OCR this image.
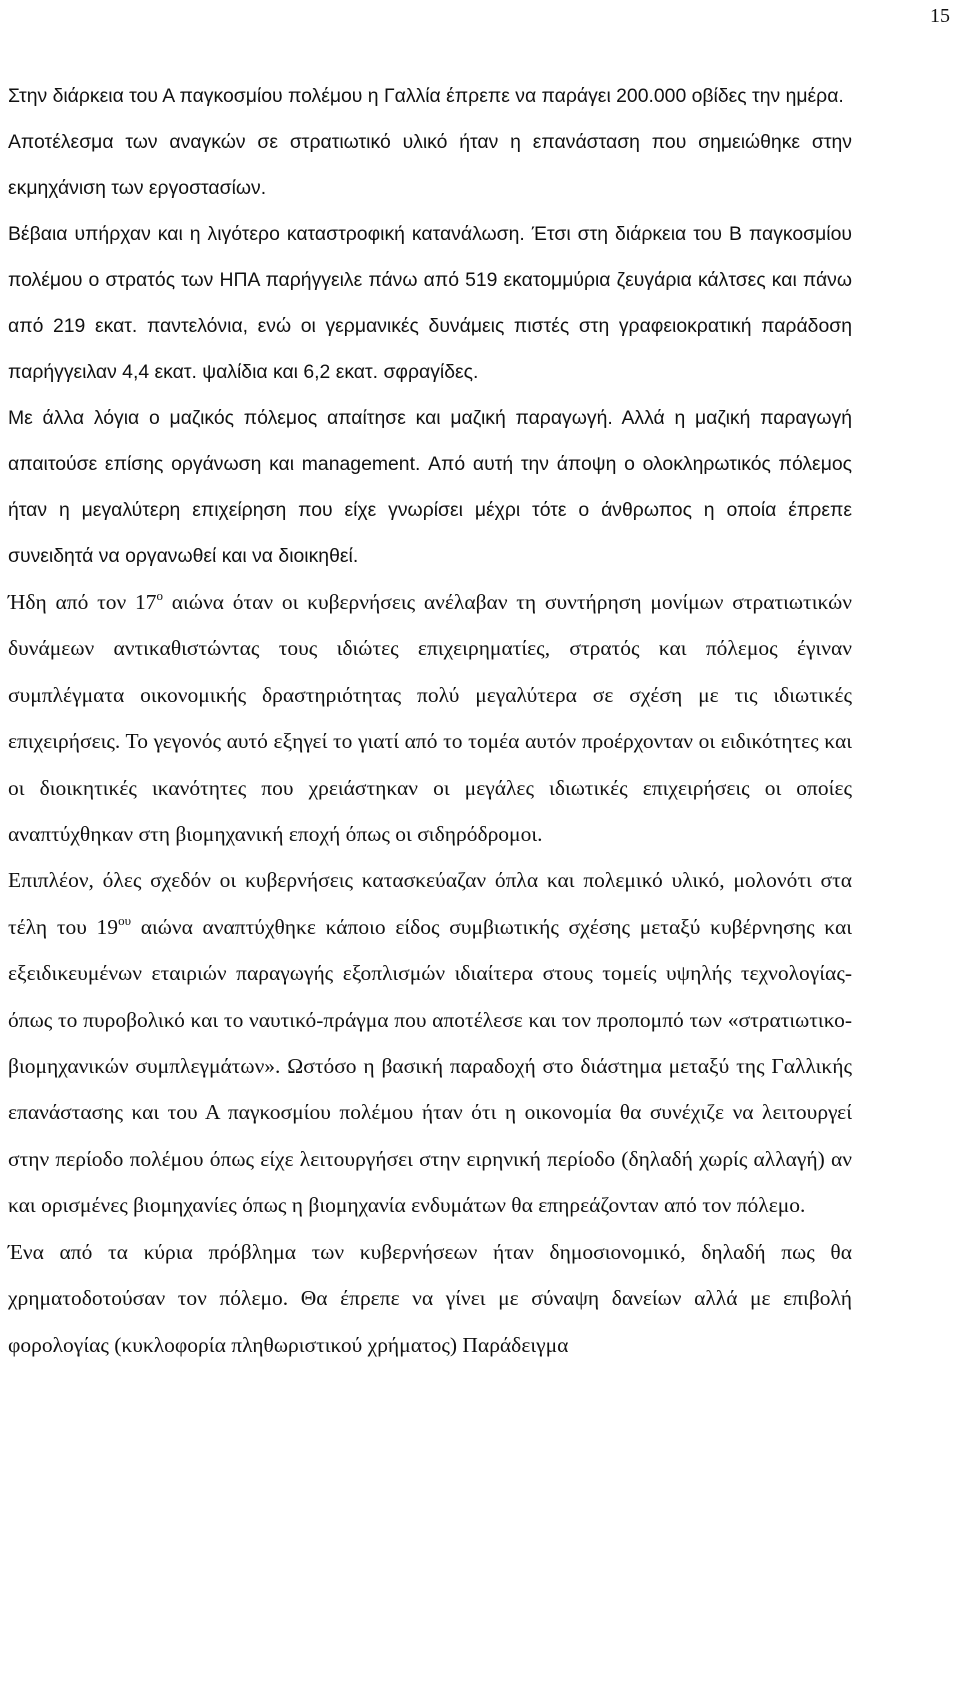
15

Στην διάρκεια του Α παγκοσμίου πολέμου η Γαλλία έπρεπε να παράγει 200.000 οβίδες την ημέρα.

Αποτέλεσμα των αναγκών σε στρατιωτικό υλικό ήταν η επανάσταση που σημειώθηκε στην εκμηχάνιση των εργοστασίων.

Βέβαια υπήρχαν και η λιγότερο καταστροφική κατανάλωση. Έτσι στη διάρκεια του Β παγκοσμίου πολέμου ο στρατός των ΗΠΑ παρήγγειλε πάνω από 519 εκατομμύρια ζευγάρια κάλτσες και πάνω από 219 εκατ. παντελόνια, ενώ οι γερμανικές δυνάμεις πιστές στη γραφειοκρατική παράδοση παρήγγειλαν 4,4 εκατ. ψαλίδια και 6,2 εκατ. σφραγίδες.

Με άλλα λόγια ο μαζικός πόλεμος απαίτησε και μαζική παραγωγή. Αλλά η μαζική παραγωγή απαιτούσε επίσης οργάνωση και management. Από αυτή την άποψη ο ολοκληρωτικός πόλεμος ήταν η μεγαλύτερη επιχείρηση που είχε γνωρίσει μέχρι τότε ο άνθρωπος η οποία έπρεπε συνειδητά να οργανωθεί και να διοικηθεί.

Ήδη από τον $17^o$ αιώνα όταν οι κυβερνήσεις ανέλαβαν τη συντήρηση μονίμων στρατιωτικών δυνάμεων αντικαθιστώντας τους ιδιώτες επιχειρηματίες, στρατός και πόλεμος έγιναν συμπλέγματα οικονομικής δραστηριότητας πολύ μεγαλύτερα σε σχέση με τις ιδιωτικές επιχειρήσεις. Το γεγονός αυτό εξηγεί το γιατί από το τομέα αυτόν προέρχονταν οι ειδικότητες και οι διοικητικές ικανότητες που χρειάστηκαν οι μεγάλες ιδιωτικές επιχειρήσεις οι οποίες αναπτύχθηκαν στη βιομηχανική εποχή όπως οι σιδηρόδρομοι.

Επιπλέον, όλες σχεδόν οι κυβερνήσεις κατασκεύαζαν όπλα και πολεμικό υλικό, μολονότι στα τέλη του $19^{o\upsilon}$ αιώνα αναπτύχθηκε κάποιο είδος συμβιωτικής σχέσης μεταξύ κυβέρνησης και εξειδικευμένων εταιριών παραγωγής εξοπλισμών ιδιαίτερα στους τομείς υψηλής τεχνολογίας-όπως το πυροβολικό και το ναυτικό-πράγμα που αποτέλεσε και τον προπομπό των «στρατιωτικο-βιομηχανικών συμπλεγμάτων». Ωστόσο η βασική παραδοχή στο διάστημα μεταξύ της Γαλλικής επανάστασης και του Α παγκοσμίου πολέμου ήταν ότι η οικονομία θα συνέχιζε να λειτουργεί στην περίοδο πολέμου όπως είχε λειτουργήσει στην ειρηνική περίοδο (δηλαδή χωρίς αλλαγή) αν και ορισμένες βιομηχανίες όπως η βιομηχανία ενδυμάτων θα επηρεάζονταν από τον πόλεμο.

Ένα από τα κύρια πρόβλημα των κυβερνήσεων ήταν δημοσιονομικό, δηλαδή πως θα χρηματοδοτούσαν τον πόλεμο. Θα έπρεπε να γίνει με σύναψη δανείων αλλά με επιβολή φορολογίας (κυκλοφορία πληθωριστικού χρήματος) Παράδειγμα
